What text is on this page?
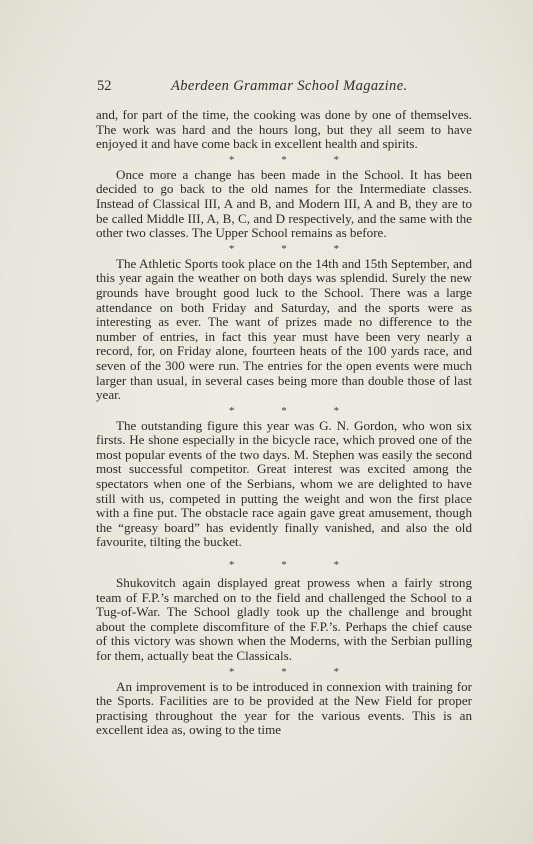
52	Aberdeen Grammar School Magazine.

and, for part of the time, the cooking was done by one of themselves. The work was hard and the hours long, but they all seem to have enjoyed it and have come back in excellent health and spirits.

* * *

Once more a change has been made in the School. It has been decided to go back to the old names for the Intermediate classes. Instead of Classical III, A and B, and Modern III, A and B, they are to be called Middle III, A, B, C, and D respectively, and the same with the other two classes. The Upper School remains as before.

* * *

The Athletic Sports took place on the 14th and 15th September, and this year again the weather on both days was splendid. Surely the new grounds have brought good luck to the School. There was a large attendance on both Friday and Saturday, and the sports were as interesting as ever. The want of prizes made no difference to the number of entries, in fact this year must have been very nearly a record, for, on Friday alone, fourteen heats of the 100 yards race, and seven of the 300 were run. The entries for the open events were much larger than usual, in several cases being more than double those of last year.

* * *

The outstanding figure this year was G. N. Gordon, who won six firsts. He shone especially in the bicycle race, which proved one of the most popular events of the two days. M. Stephen was easily the second most successful competitor. Great interest was excited among the spectators when one of the Serbians, whom we are delighted to have still with us, competed in putting the weight and won the first place with a fine put. The obstacle race again gave great amusement, though the “greasy board” has evidently finally vanished, and also the old favourite, tilting the bucket.

* * *

Shukovitch again displayed great prowess when a fairly strong team of F.P.’s marched on to the field and challenged the School to a Tug-of-War. The School gladly took up the challenge and brought about the complete discomfiture of the F.P.’s. Perhaps the chief cause of this victory was shown when the Moderns, with the Serbian pulling for them, actually beat the Classicals.

* * *

An improvement is to be introduced in connexion with training for the Sports. Facilities are to be provided at the New Field for proper practising throughout the year for the various events. This is an excellent idea as, owing to the time
